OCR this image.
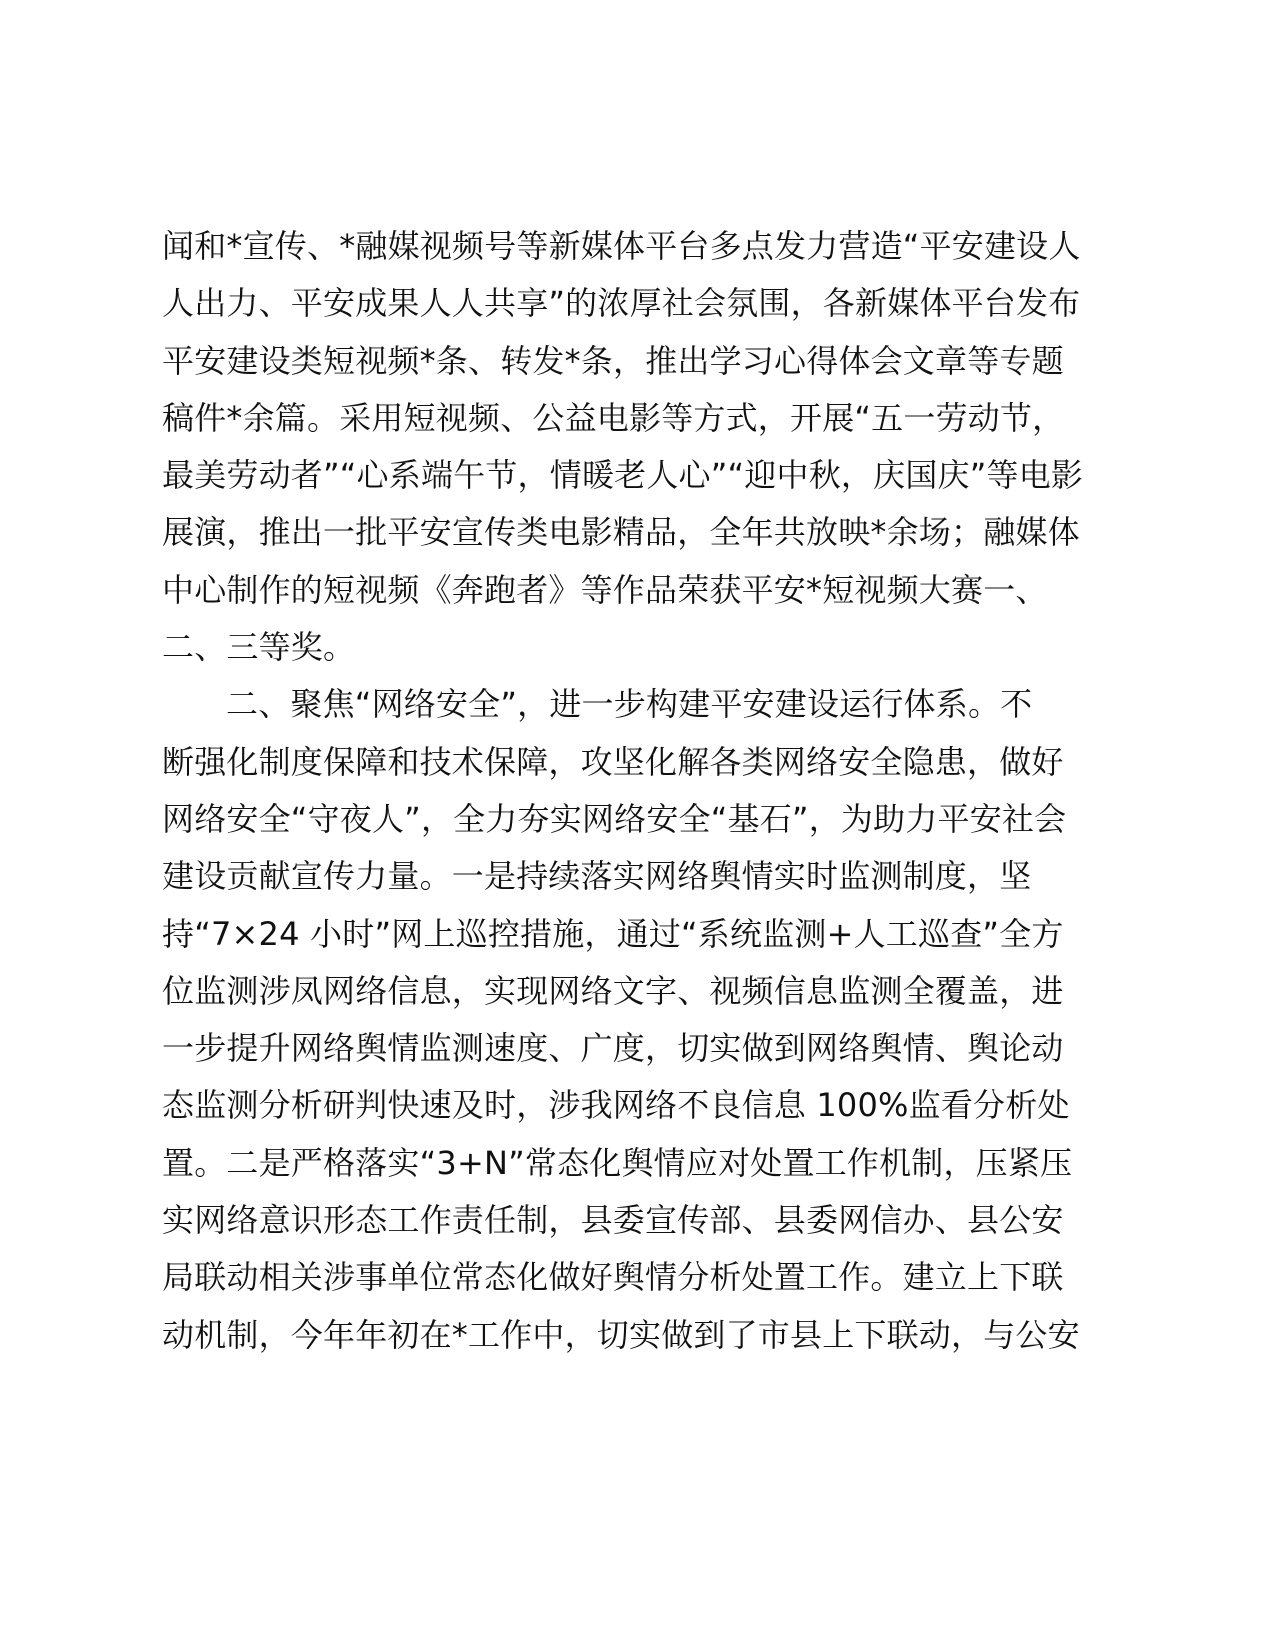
闻和*宣传、*融媒视频号等新媒体平台多点发力营造“平安建设人
人出力、平安成果人人共享”的浓厚社会氛围，各新媒体平台发布
平安建设类短视频*条、转发*条，推出学习心得体会文章等专题
稿件*余篇。采用短视频、公益电影等方式，开展“五一劳动节，
最美劳动者”“心系端午节，情暖老人心”“迎中秋，庆国庆”等电影
展演，推出一批平安宣传类电影精品，全年共放映*余场；融媒体
中心制作的短视频《奔跑者》等作品荣获平安*短视频大赛一、
二、三等奖。
二、聚焦“网络安全”，进一步构建平安建设运行体系。不
断强化制度保障和技术保障，攻坚化解各类网络安全隐患，做好
网络安全“守夜人”，全力夯实网络安全“基石”，为助力平安社会
建设贡献宣传力量。一是持续落实网络舆情实时监测制度，坚
持“7×24 小时”网上巡控措施，通过“系统监测+人工巡查”全方
位监测涉凤网络信息，实现网络文字、视频信息监测全覆盖，进
一步提升网络舆情监测速度、广度，切实做到网络舆情、舆论动
态监测分析研判快速及时，涉我网络不良信息 100%监看分析处
置。二是严格落实“3+N”常态化舆情应对处置工作机制，压紧压
实网络意识形态工作责任制，县委宣传部、县委网信办、县公安
局联动相关涉事单位常态化做好舆情分析处置工作。建立上下联
动机制，今年年初在*工作中，切实做到了市县上下联动，与公安
